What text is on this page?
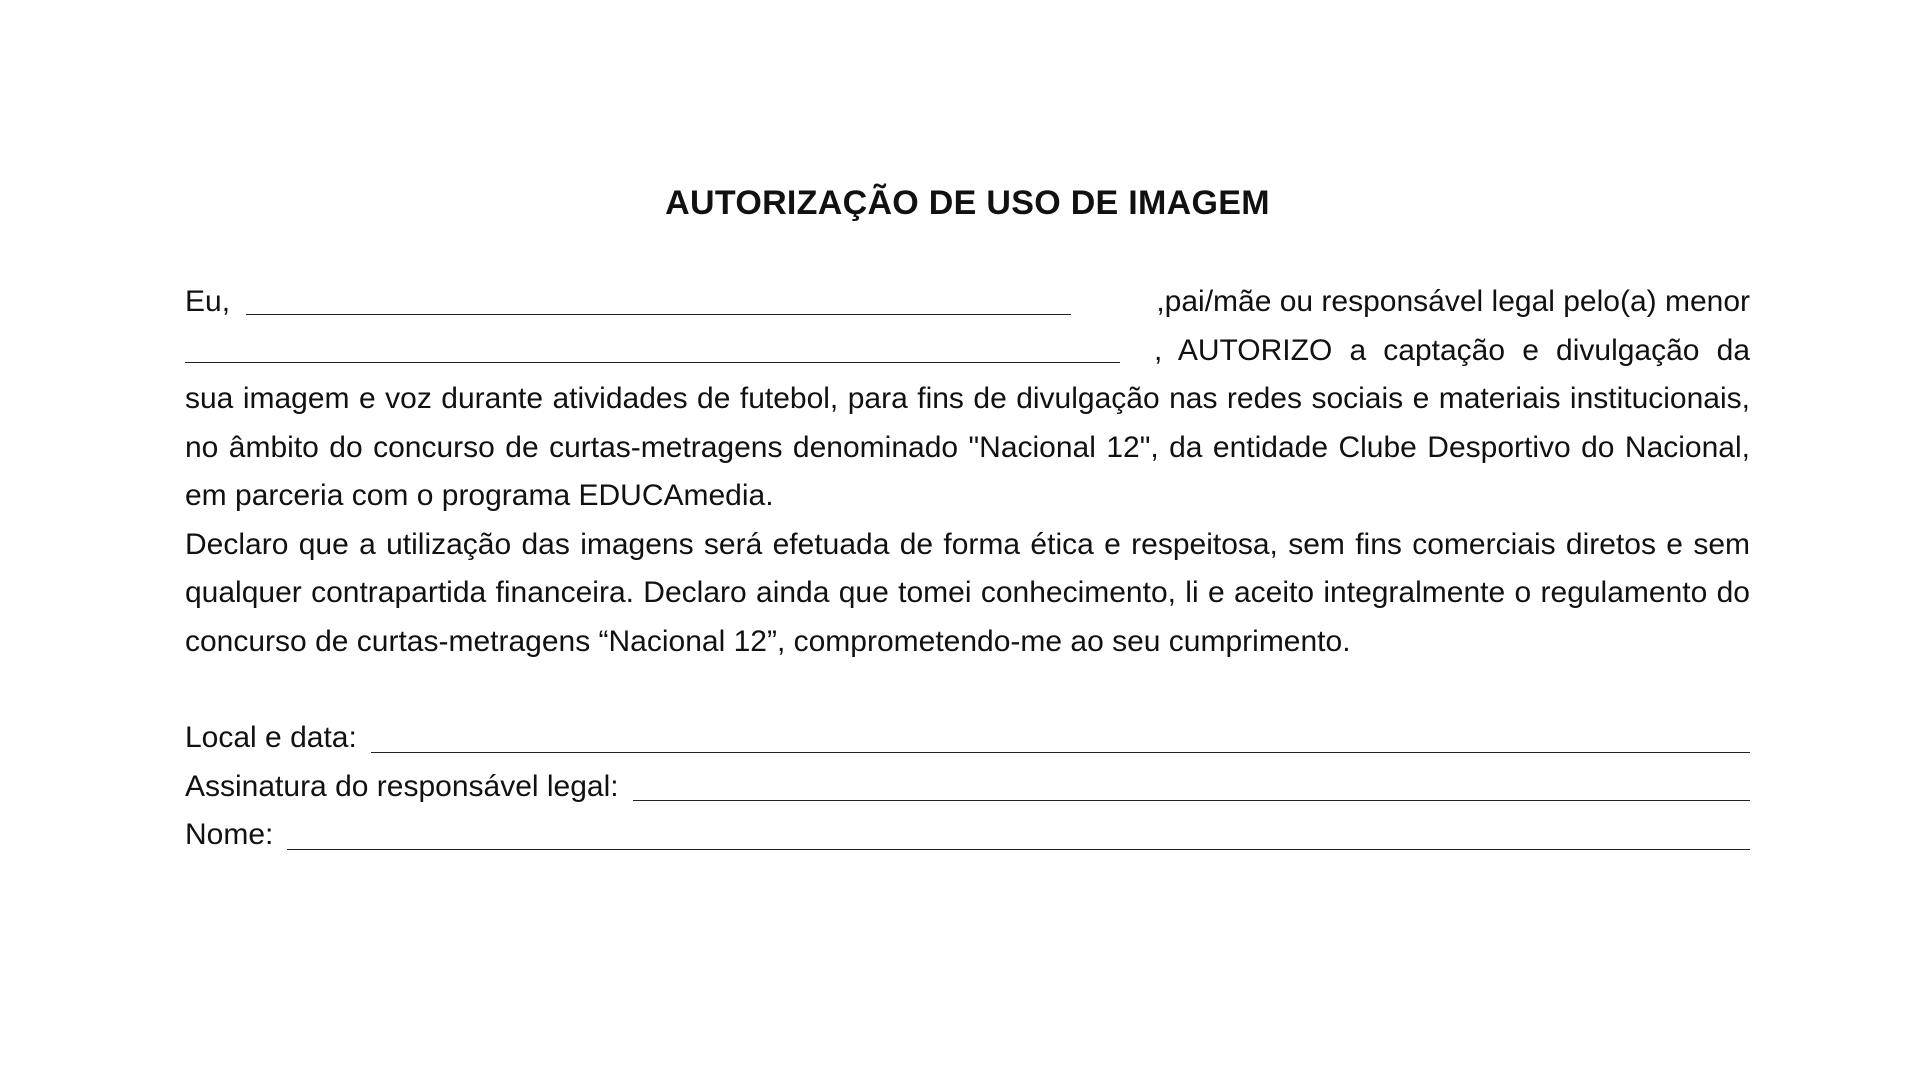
AUTORIZAÇÃO DE USO DE IMAGEM
Eu,	,pai/mãe ou responsável legal pelo(a) menor
, AUTORIZO a captação e divulgação da
sua imagem e voz durante atividades de futebol, para fins de divulgação nas redes sociais e materiais institucionais, no âmbito do concurso de curtas-metragens denominado "Nacional 12", da entidade Clube Desportivo do Nacional, em parceria com o programa EDUCAmedia.
Declaro que a utilização das imagens será efetuada de forma ética e respeitosa, sem fins comerciais diretos e sem qualquer contrapartida financeira. Declaro ainda que tomei conhecimento, li e aceito integralmente o regulamento do concurso de curtas-metragens “Nacional 12”, comprometendo-me ao seu cumprimento.
Local e data:
Assinatura do responsável legal:
Nome:
